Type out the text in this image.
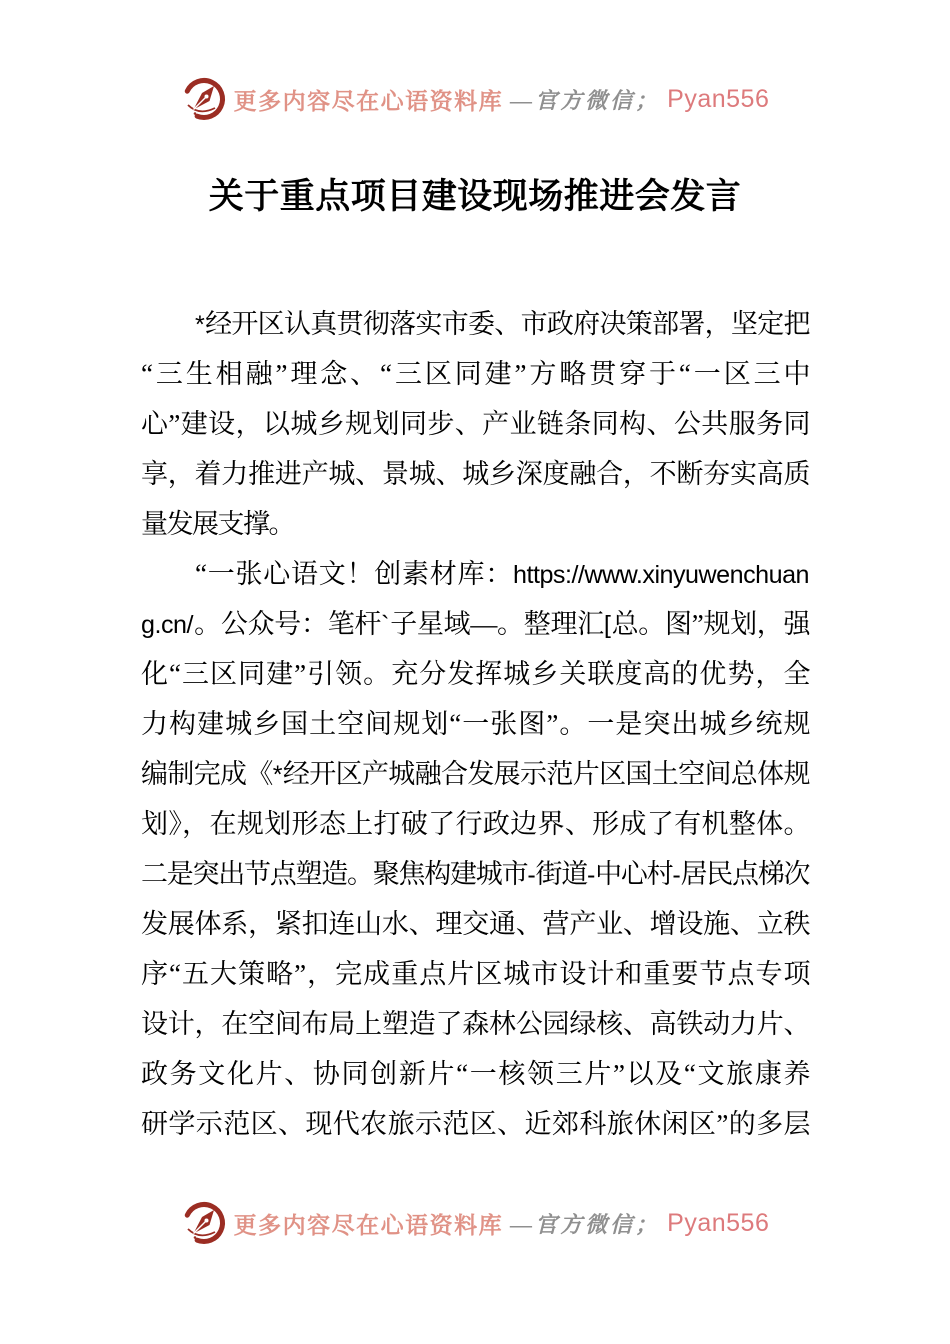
更多内容尽在心语资料库 —官方微信； Pyan556
关于重点项目建设现场推进会发言
*经开区认真贯彻落实市委、市政府决策部署，坚定把
“三生相融”理念、“三区同建”方略贯穿于“一区三中
心”建设，以城乡规划同步、产业链条同构、公共服务同
享，着力推进产城、景城、城乡深度融合，不断夯实高质
量发展支撑。
“一张心语文！创素材库：https://www.xinyuwenchuan
g.cn/。公众号：笔杆`子星域—。整理汇[总。图”规划，强
化“三区同建”引领。充分发挥城乡关联度高的优势，全
力构建城乡国土空间规划“一张图”。一是突出城乡统规
编制完成《*经开区产城融合发展示范片区国土空间总体规
划》，在规划形态上打破了行政边界、形成了有机整体。
二是突出节点塑造。聚焦构建城市-街道-中心村-居民点梯次
发展体系，紧扣连山水、理交通、营产业、增设施、立秩
序“五大策略”，完成重点片区城市设计和重要节点专项
设计，在空间布局上塑造了森林公园绿核、高铁动力片、
政务文化片、协同创新片“一核领三片”以及“文旅康养
研学示范区、现代农旅示范区、近郊科旅休闲区”的多层
更多内容尽在心语资料库 —官方微信； Pyan556
